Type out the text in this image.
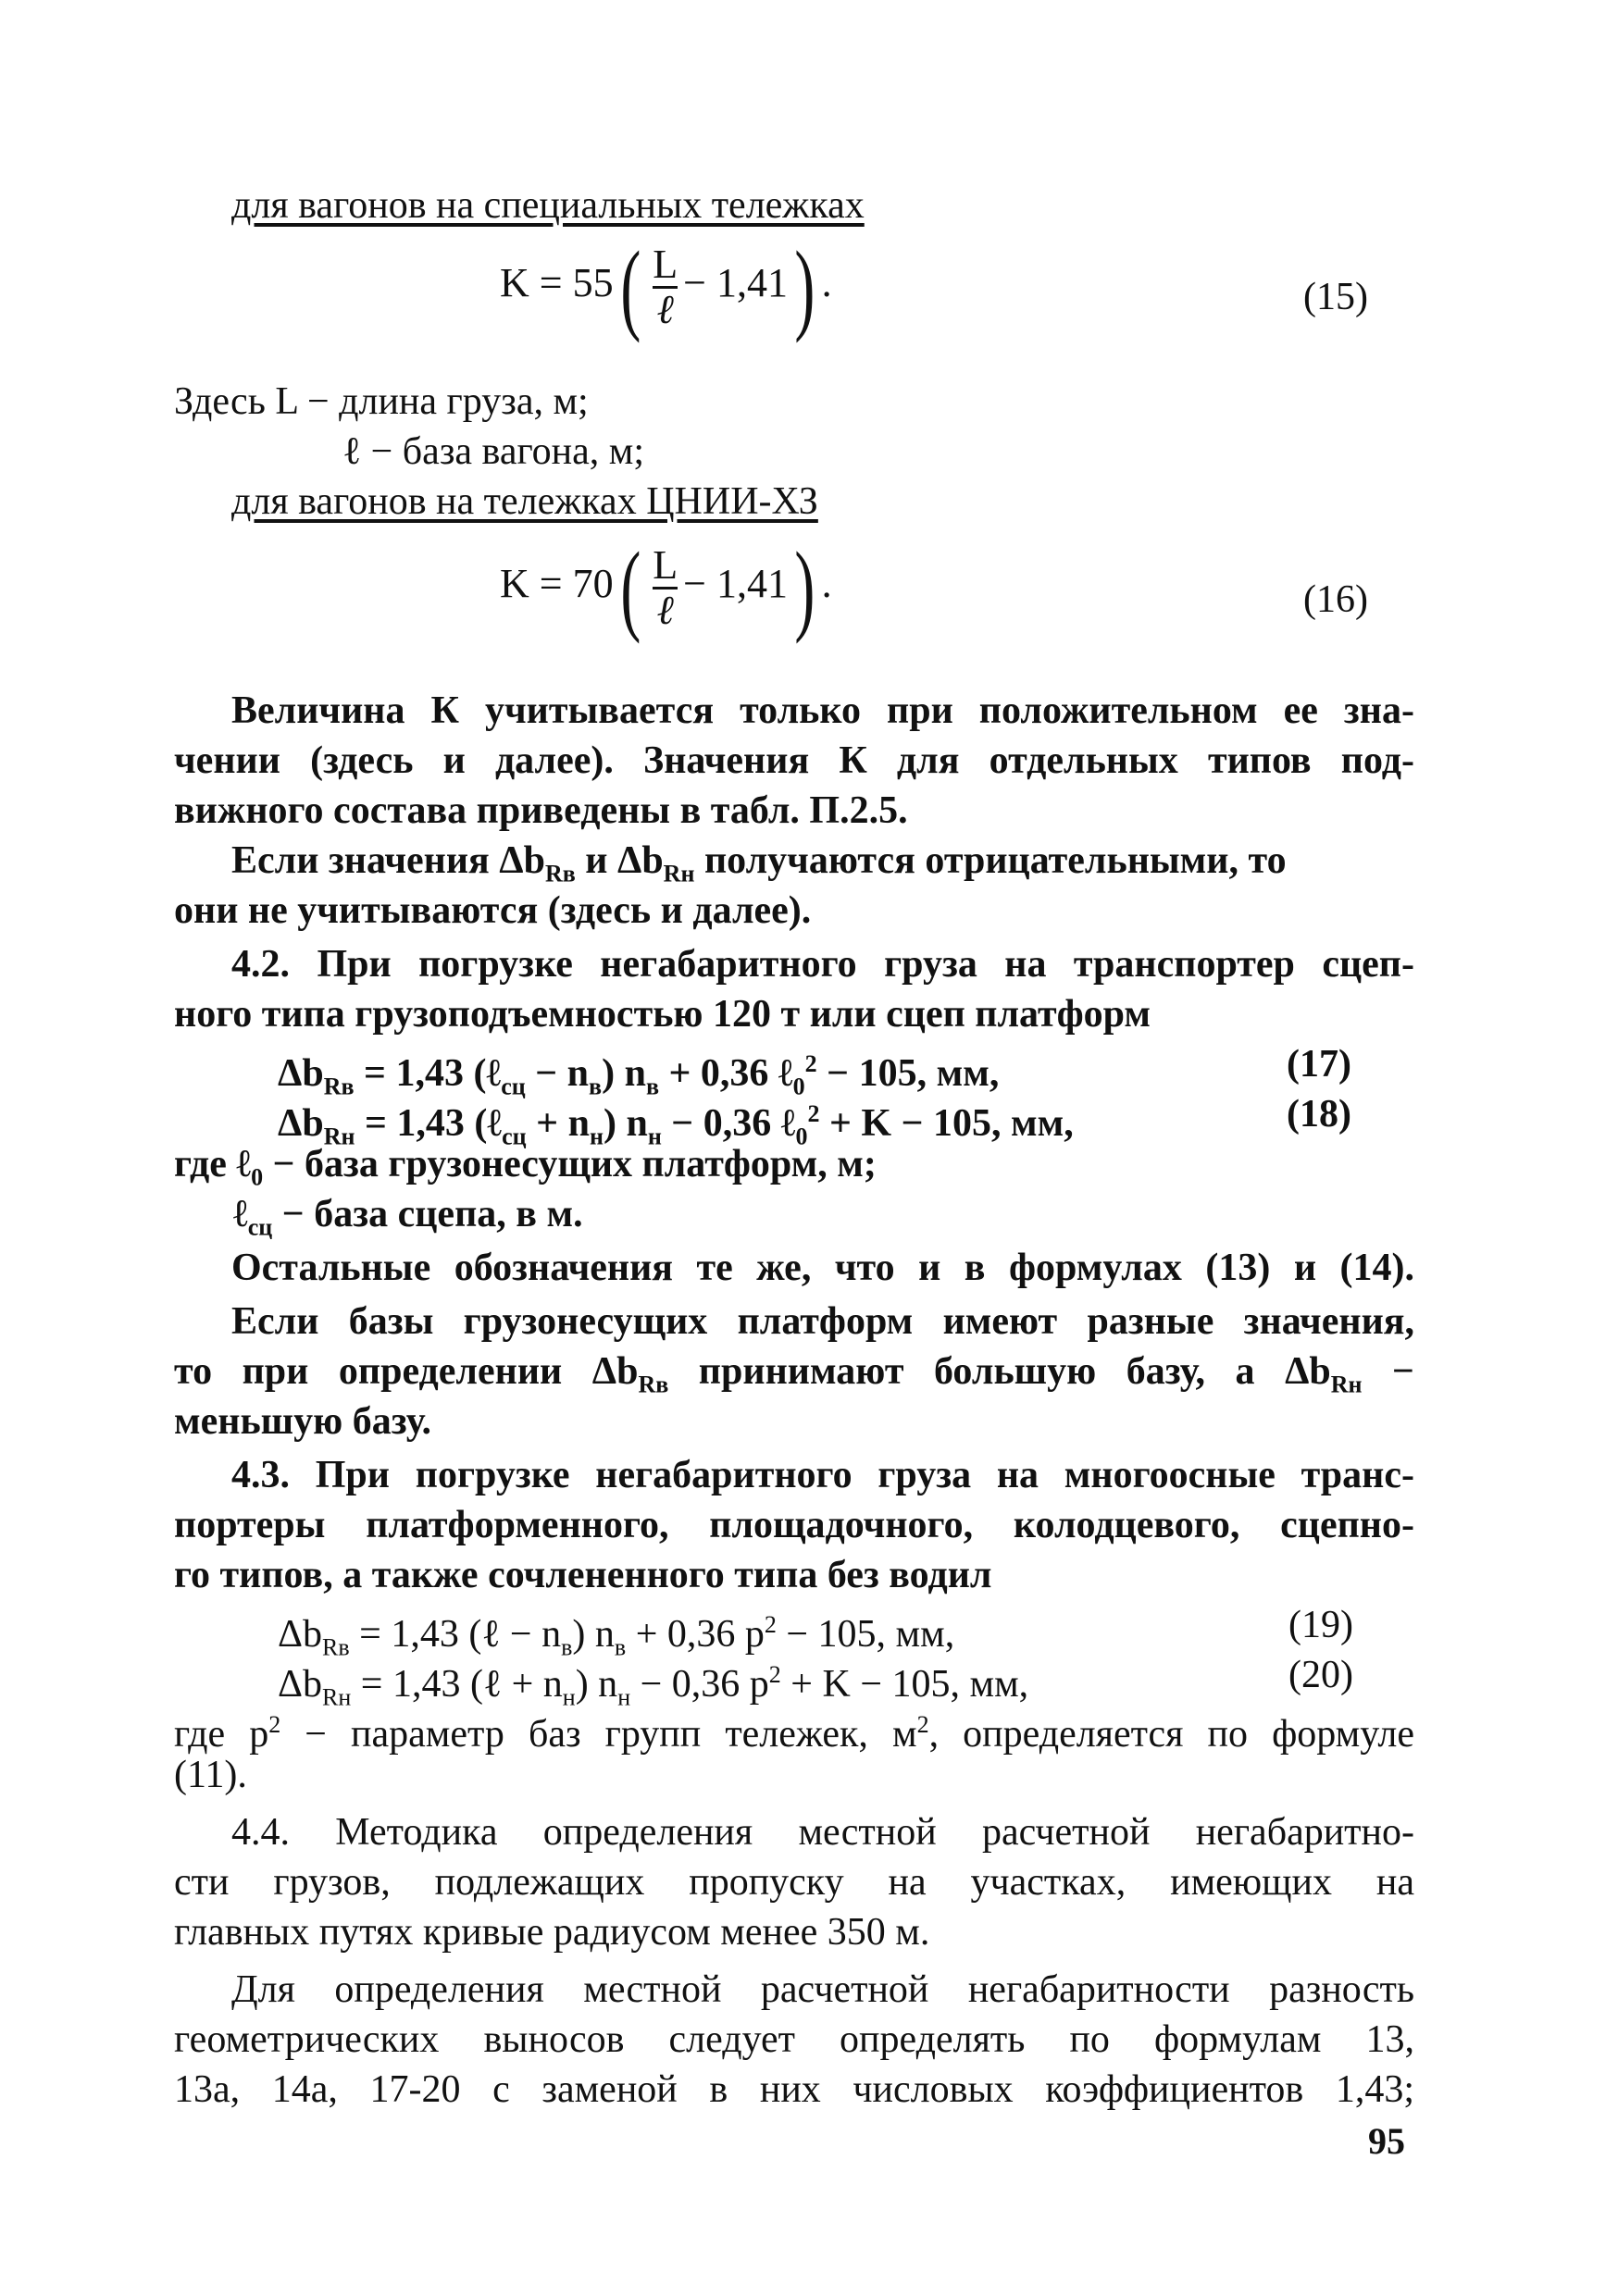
для вагонов на специальных тележках
$K = 55( \frac{L}{\text{ℓ}} - 1,41)$ .	(15)
Здесь L − длина груза, м;
ℓ − база вагона, м;
для вагонов на тележках ЦНИИ-ХЗ
$K = 70( \frac{L}{\text{ℓ}} - 1,41)$ .	(16)
Величина К учитывается только при положительном ее зна-
чении (здесь и далее). Значения К для отдельных типов под-
вижного состава приведены в табл. П.2.5.
Если значения $\Delta b_{Rв}$ и $\Delta b_{Rн}$ получаются отрицательными, то
они не учитываются (здесь и далее).
4.2. При погрузке негабаритного груза на транспортер сцеп-
ного типа грузоподъемностью 120 т или сцеп платформ
$\Delta b_{Rв} = 1,43$ (ℓ$_{сц}$ − $n_в$) $n_в + 0,36$ ℓ$_0^2$ − 105, мм,	(17)
$\Delta b_{Rн} = 1,43$ (ℓ$_{сц}$ + $n_н$) $n_н - 0,36$ ℓ$_0^2$ + K − 105, мм,	(18)
где ℓ$_0$ − база грузонесущих платформ, м;
ℓ$_{сц}$ − база сцепа, в м.
Остальные обозначения те же, что и в формулах (13) и (14).
Если базы грузонесущих платформ имеют разные значения,
то при определении $\Delta b_{Rв}$ принимают большую базу, а $\Delta b_{Rн}$ −
меньшую базу.
4.3. При погрузке негабаритного груза на многоосные транс-
портеры платформенного, площадочного, колодцевого, сцепно-
го типов, а также сочлененного типа без водил
$\Delta b_{Rв} = 1,43$ (ℓ − $n_в$) $n_в + 0,36$ $p^2 - 105$, мм,	(19)
$\Delta b_{Rн} = 1,43$ (ℓ + $n_н$) $n_н - 0,36$ $p^2 + K - 105$, мм,	(20)
где $p^2$ − параметр баз групп тележек, $м^2$, определяется по формуле
(11).
4.4. Методика определения местной расчетной негабаритно-
сти грузов, подлежащих пропуску на участках, имеющих на
главных путях кривые радиусом менее 350 м.
Для определения местной расчетной негабаритности разность
геометрических выносов следует определять по формулам 13,
13а, 14а, 17-20 с заменой в них числовых коэффициентов 1,43;
95
